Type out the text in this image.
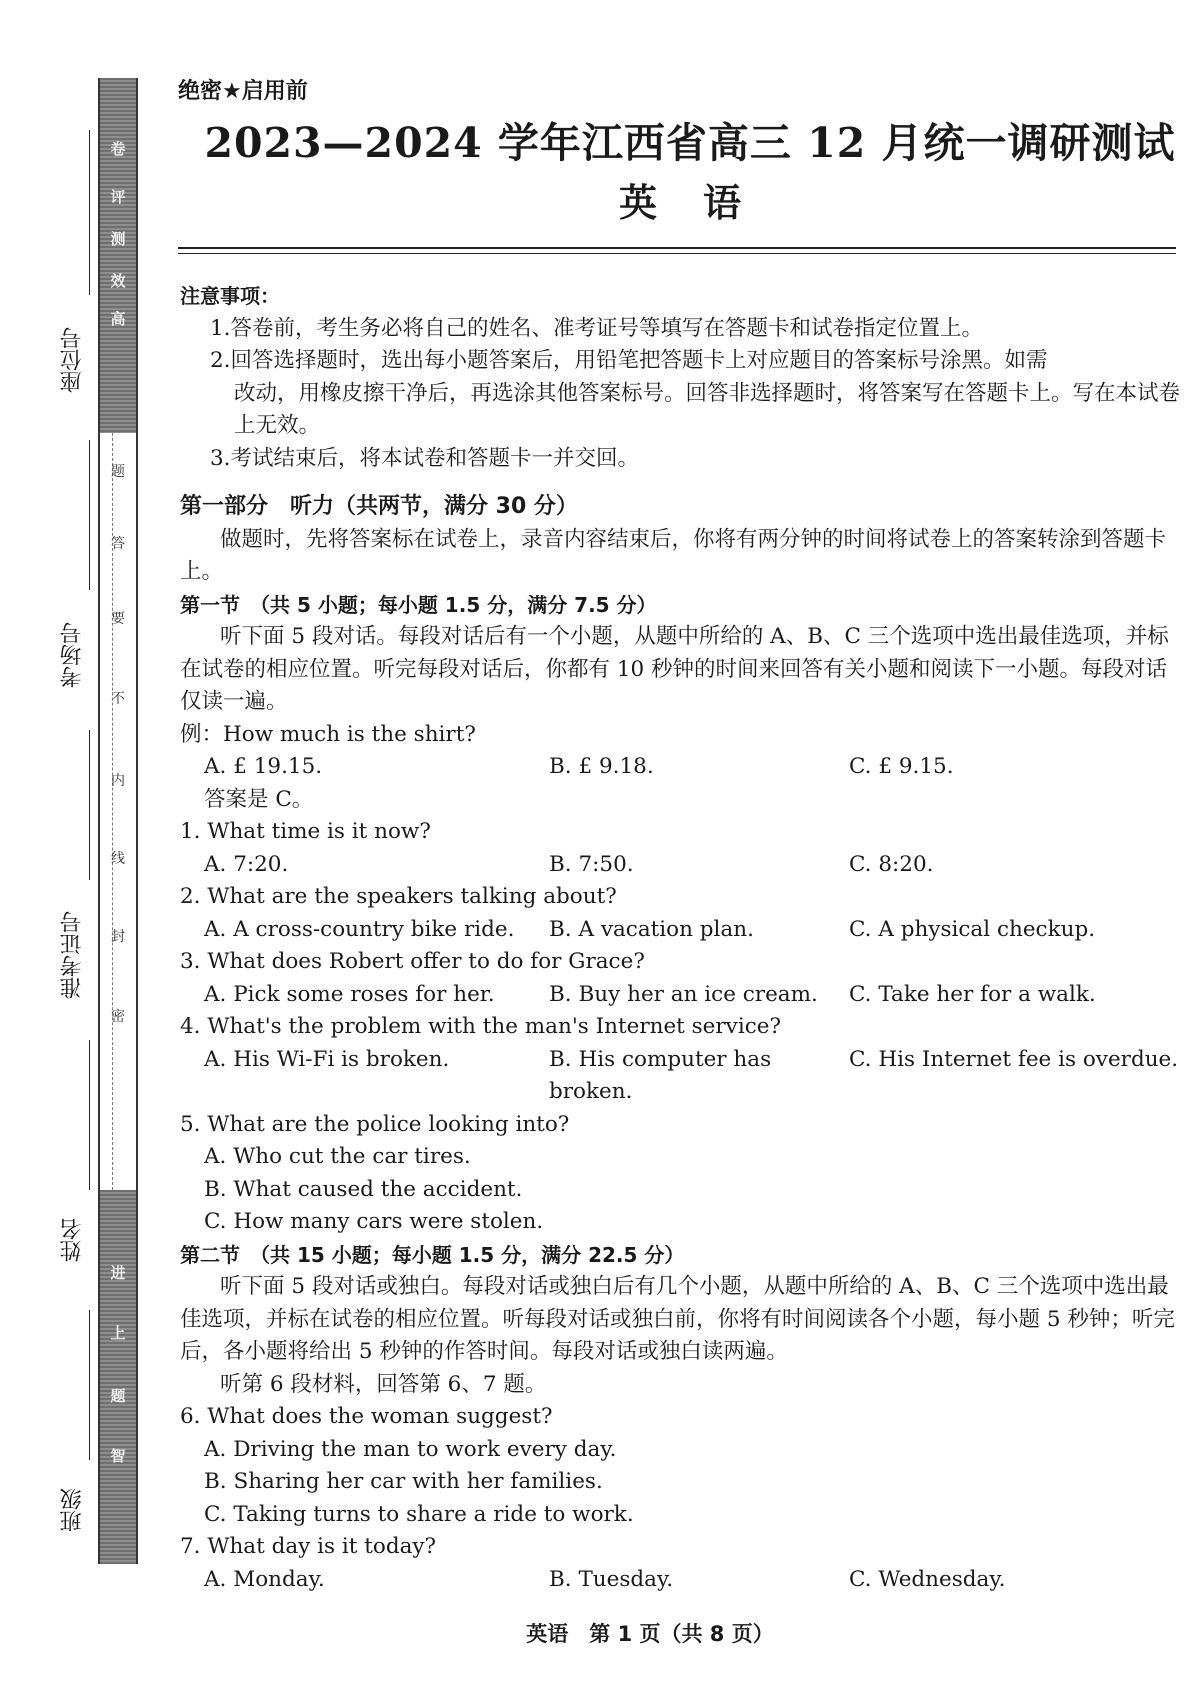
卷
评
测
效
高
题
答
要
不
内
线
封
密
进
上
题
智
座位号
考场号
准考证号
姓名
班级
绝密★启用前
2023—2024 学年江西省高三 12 月统一调研测试
英语
注意事项：
1.答卷前，考生务必将自己的姓名、准考证号等填写在答题卡和试卷指定位置上。
2.回答选择题时，选出每小题答案后，用铅笔把答题卡上对应题目的答案标号涂黑。如需
改动，用橡皮擦干净后，再选涂其他答案标号。回答非选择题时，将答案写在答题卡上。写在本试卷上无效。
3.考试结束后，将本试卷和答题卡一并交回。
第一部分　听力（共两节，满分 30 分）
做题时，先将答案标在试卷上，录音内容结束后，你将有两分钟的时间将试卷上的答案转涂到答题卡上。
第一节　（共 5 小题；每小题 1.5 分，满分 7.5 分）
听下面 5 段对话。每段对话后有一个小题，从题中所给的 A、B、C 三个选项中选出最佳选项，并标在试卷的相应位置。听完每段对话后，你都有 10 秒钟的时间来回答有关小题和阅读下一小题。每段对话仅读一遍。
例：How much is the shirt?
A. £ 19.15.	B. £ 9.18.	C. £ 9.15.
答案是 C。
1. What time is it now?
A. 7:20.	B. 7:50.	C. 8:20.
2. What are the speakers talking about?
A. A cross-country bike ride.	B. A vacation plan.	C. A physical checkup.
3. What does Robert offer to do for Grace?
A. Pick some roses for her.	B. Buy her an ice cream.	C. Take her for a walk.
4. What's the problem with the man's Internet service?
A. His Wi-Fi is broken.	B. His computer has broken.
C. His Internet fee is overdue.
5. What are the police looking into?
A. Who cut the car tires.
B. What caused the accident.
C. How many cars were stolen.
第二节　（共 15 小题；每小题 1.5 分，满分 22.5 分）
听下面 5 段对话或独白。每段对话或独白后有几个小题，从题中所给的 A、B、C 三个选项中选出最佳选项，并标在试卷的相应位置。听每段对话或独白前，你将有时间阅读各个小题，每小题 5 秒钟；听完后，各小题将给出 5 秒钟的作答时间。每段对话或独白读两遍。
听第 6 段材料，回答第 6、7 题。
6. What does the woman suggest?
A. Driving the man to work every day.
B. Sharing her car with her families.
C. Taking turns to share a ride to work.
7. What day is it today?
A. Monday.	B. Tuesday.	C. Wednesday.
英语　第 1 页（共 8 页）
